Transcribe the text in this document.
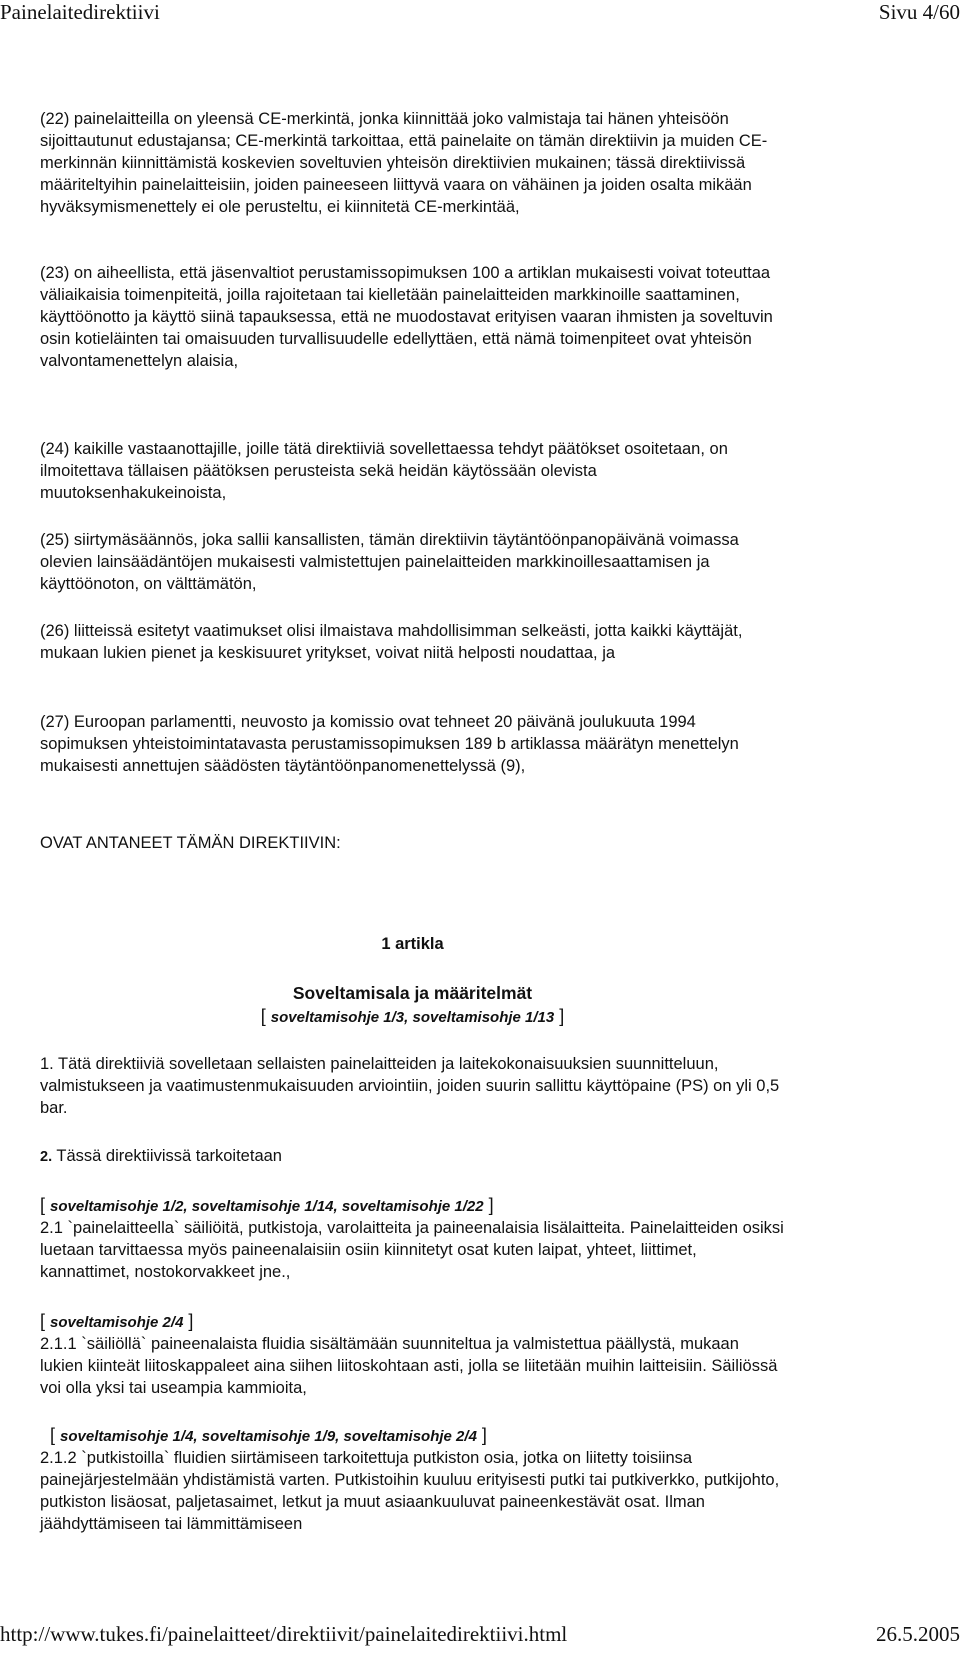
Painelaitedirektiivi	Sivu 4/60

(22) painelaitteilla on yleensä CE-merkintä, jonka kiinnittää joko valmistaja tai hänen yhteisöön sijoittautunut edustajansa; CE-merkintä tarkoittaa, että painelaite on tämän direktiivin ja muiden CE-merkinnän kiinnittämistä koskevien soveltuvien yhteisön direktiivien mukainen; tässä direktiivissä määriteltyihin painelaitteisiin, joiden paineeseen liittyvä vaara on vähäinen ja joiden osalta mikään hyväksymismenettely ei ole perusteltu, ei kiinnitetä CE-merkintää,

(23) on aiheellista, että jäsenvaltiot perustamissopimuksen 100 a artiklan mukaisesti voivat toteuttaa väliaikaisia toimenpiteitä, joilla rajoitetaan tai kielletään painelaitteiden markkinoille saattaminen, käyttöönotto ja käyttö siinä tapauksessa, että ne muodostavat erityisen vaaran ihmisten ja soveltuvin osin kotieläinten tai omaisuuden turvallisuudelle edellyttäen, että nämä toimenpiteet ovat yhteisön valvontamenettelyn alaisia,

(24) kaikille vastaanottajille, joille tätä direktiiviä sovellettaessa tehdyt päätökset osoitetaan, on ilmoitettava tällaisen päätöksen perusteista sekä heidän käytössään olevista muutoksenhakukeinoista,

(25) siirtymäsäännös, joka sallii kansallisten, tämän direktiivin täytäntöönpanopäivänä voimassa olevien lainsäädäntöjen mukaisesti valmistettujen painelaitteiden markkinoillesaattamisen ja käyttöönoton, on välttämätön,

(26) liitteissä esitetyt vaatimukset olisi ilmaistava mahdollisimman selkeästi, jotta kaikki käyttäjät, mukaan lukien pienet ja keskisuuret yritykset, voivat niitä helposti noudattaa, ja

(27) Euroopan parlamentti, neuvosto ja komissio ovat tehneet 20 päivänä joulukuuta 1994 sopimuksen yhteistoimintatavasta perustamissopimuksen 189 b artiklassa määrätyn menettelyn mukaisesti annettujen säädösten täytäntöönpanomenettelyssä (9),

OVAT ANTANEET TÄMÄN DIREKTIIVIN:

1 artikla

Soveltamisala ja määritelmät

[ soveltamisohje 1/3, soveltamisohje 1/13 ]

1. Tätä direktiiviä sovelletaan sellaisten painelaitteiden ja laitekokonaisuuksien suunnitteluun, valmistukseen ja vaatimustenmukaisuuden arviointiin, joiden suurin sallittu käyttöpaine (PS) on yli 0,5 bar.

2. Tässä direktiivissä tarkoitetaan

[ soveltamisohje 1/2, soveltamisohje 1/14, soveltamisohje 1/22 ]

2.1 `painelaitteella` säiliöitä, putkistoja, varolaitteita ja paineenalaisia lisälaitteita. Painelaitteiden osiksi luetaan tarvittaessa myös paineenalaisiin osiin kiinnitetyt osat kuten laipat, yhteet, liittimet, kannattimet, nostokorvakkeet jne.,

[ soveltamisohje 2/4 ]

2.1.1 `säiliöllä` paineenalaista fluidia sisältämään suunniteltua ja valmistettua päällystä, mukaan lukien kiinteät liitoskappaleet aina siihen liitoskohtaan asti, jolla se liitetään muihin laitteisiin. Säiliössä voi olla yksi tai useampia kammioita,

[ soveltamisohje 1/4, soveltamisohje 1/9, soveltamisohje 2/4 ]

2.1.2 `putkistoilla` fluidien siirtämiseen tarkoitettuja putkiston osia, jotka on liitetty toisiinsa painejärjestelmään yhdistämistä varten. Putkistoihin kuuluu erityisesti putki tai putkiverkko, putkijohto, putkiston lisäosat, paljetasaimet, letkut ja muut asiaankuuluvat paineenkestävät osat. Ilman jäähdyttämiseen tai lämmittämiseen

http://www.tukes.fi/painelaitteet/direktiivit/painelaitedirektiivi.html	26.5.2005
